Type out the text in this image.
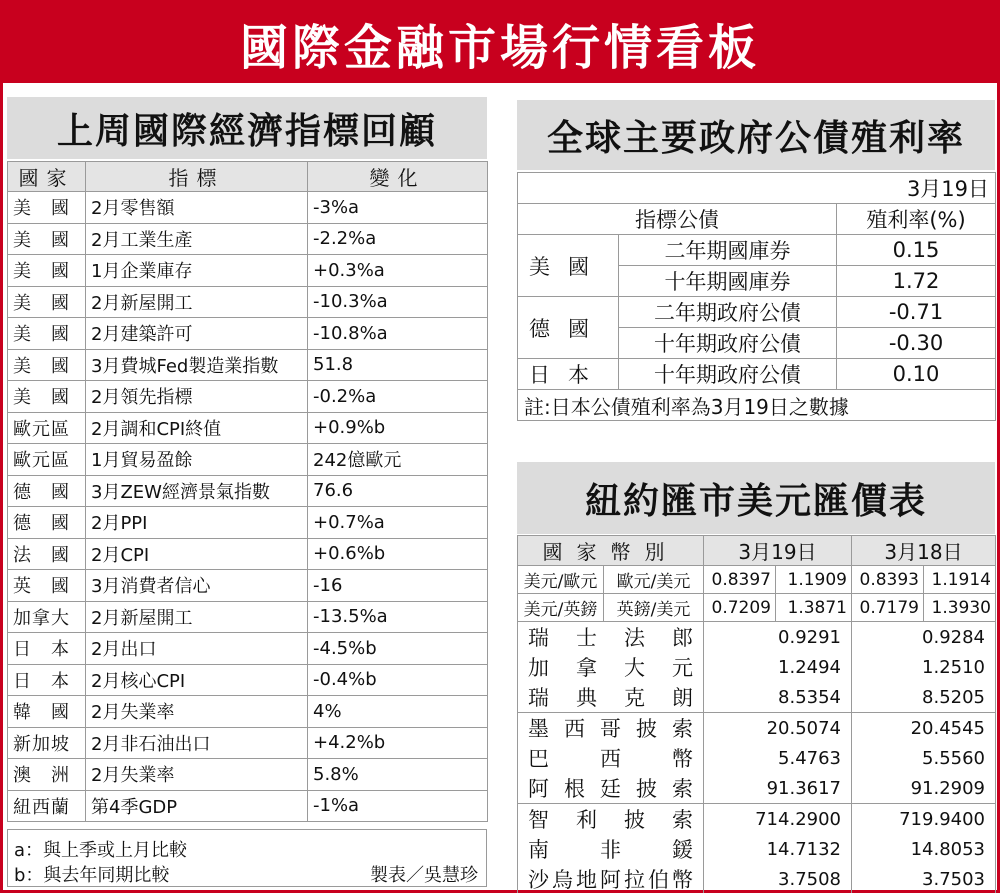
國際金融市場行情看板
上周國際經濟指標回顧
國家	指標	變化
美　國	2月零售額	-3%a
美　國	2月工業生產	-2.2%a
美　國	1月企業庫存	+0.3%a
美　國	2月新屋開工	-10.3%a
美　國	2月建築許可	-10.8%a
美　國	3月費城Fed製造業指數	51.8
美　國	2月領先指標	-0.2%a
歐元區	2月調和CPI終值	+0.9%b
歐元區	1月貿易盈餘	242億歐元
德　國	3月ZEW經濟景氣指數	76.6
德　國	2月PPI	+0.7%a
法　國	2月CPI	+0.6%b
英　國	3月消費者信心	-16
加拿大	2月新屋開工	-13.5%a
日　本	2月出口	-4.5%b
日　本	2月核心CPI	-0.4%b
韓　國	2月失業率	4%
新加坡	2月非石油出口	+4.2%b
澳　洲	2月失業率	5.8%
紐西蘭	第4季GDP	-1%a
a：與上季或上月比較
b：與去年同期比較	製表／吳慧珍
全球主要政府公債殖利率
3月19日		
指標公債		殖利率(%)
美國	二年期國庫券	0.15
	十年期國庫券	1.72
德國	二年期政府公債	-0.71
	十年期政府公債	-0.30
日本	十年期政府公債	0.10
註:日本公債殖利率為3月19日之數據		
紐約匯市美元匯價表
國家幣別		3月19日		3月18日	
美元/歐元	歐元/美元	0.8397	1.1909	0.8393	1.1914
美元/英鎊	英鎊/美元	0.7209	1.3871	0.7179	1.3930
瑞士法郎		0.9291		0.9284	
加拿大元		1.2494		1.2510	
瑞典克朗		8.5354		8.5205	
墨西哥披索		20.5074		20.4545	
巴西幣		5.4763		5.5560	
阿根廷披索		91.3617		91.2909	
智利披索		714.2900		719.9400	
南非鍰		14.7132		14.8053	
沙烏地阿拉伯幣		3.7508		3.7503	
